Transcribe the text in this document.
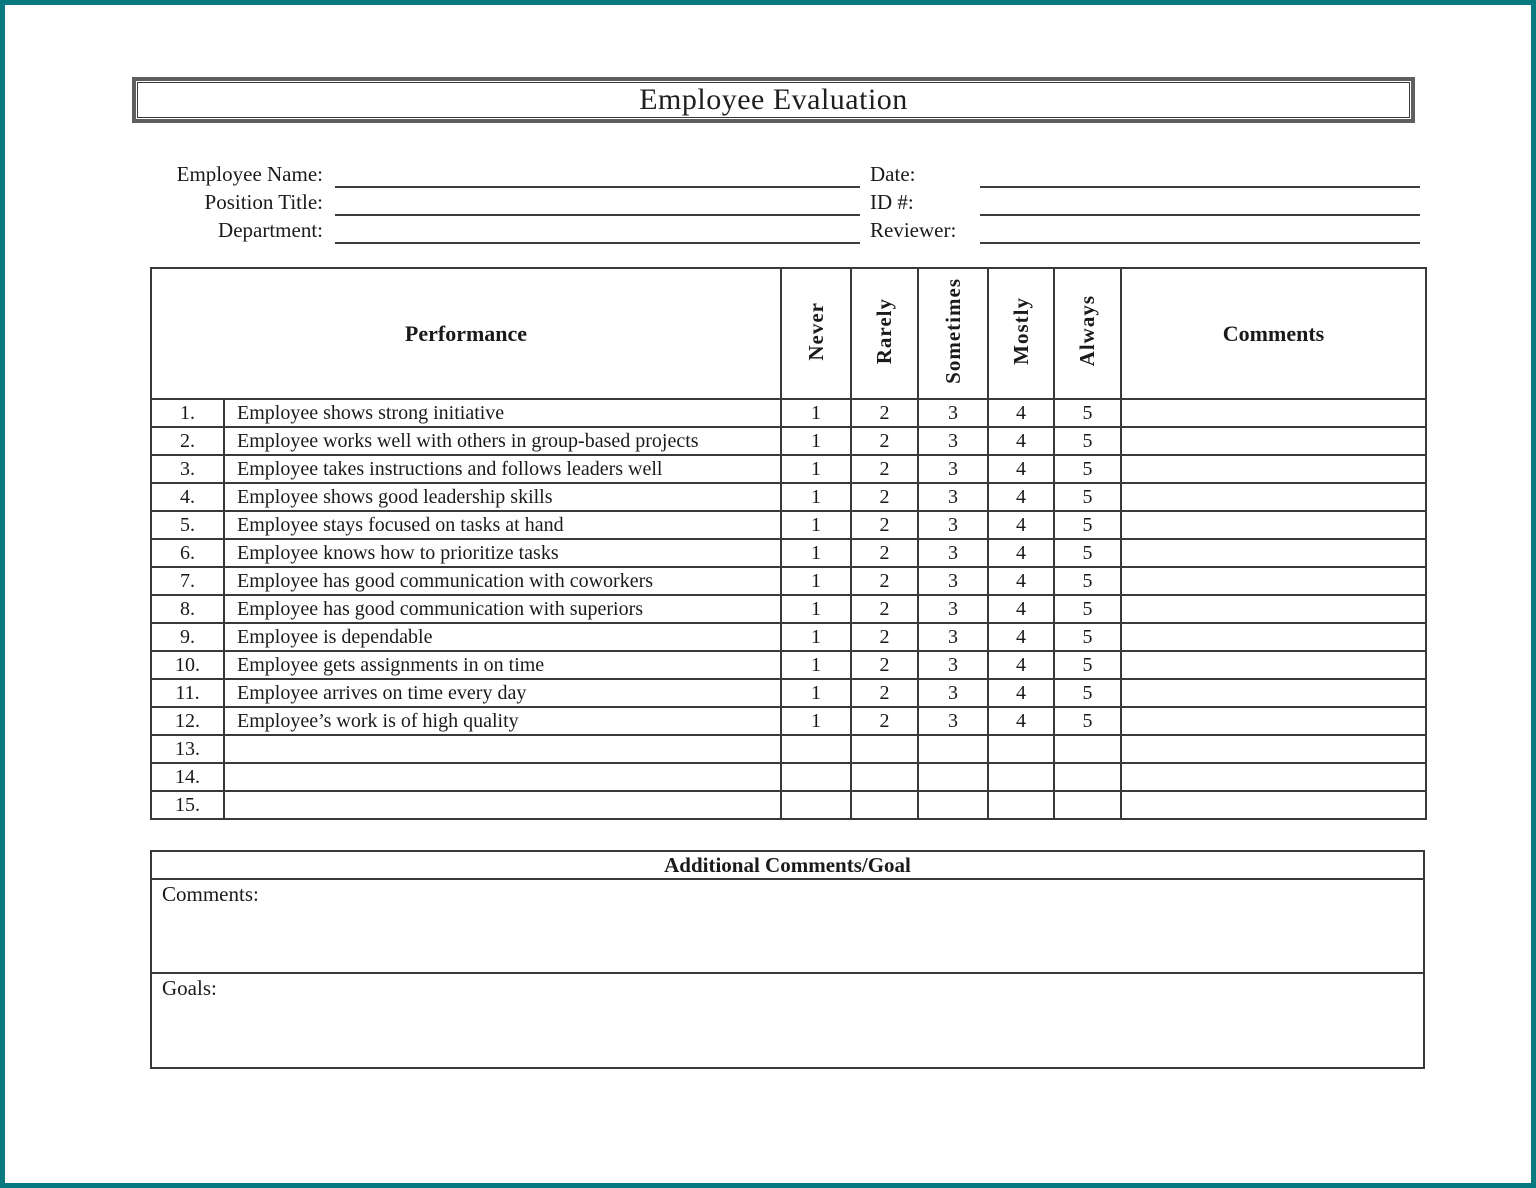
Employee Evaluation
Employee Name:
Position Title:
Department:
Date:
ID #:
Reviewer:
Performance		Never	Rarely	Sometimes	Mostly	Always	Comments

1.	Employee shows strong initiative	1	2	3	4	5	
2.	Employee works well with others in group-based projects	1	2	3	4	5	
3.	Employee takes instructions and follows leaders well	1	2	3	4	5	
4.	Employee shows good leadership skills	1	2	3	4	5	
5.	Employee stays focused on tasks at hand	1	2	3	4	5	
6.	Employee knows how to prioritize tasks	1	2	3	4	5	
7.	Employee has good communication with coworkers	1	2	3	4	5	
8.	Employee has good communication with superiors	1	2	3	4	5	
9.	Employee is dependable	1	2	3	4	5	
10.	Employee gets assignments in on time	1	2	3	4	5	
11.	Employee arrives on time every day	1	2	3	4	5	
12.	Employee’s work is of high quality	1	2	3	4	5	
13.							
14.							
15.							
Additional Comments/Goal
Comments:
Goals:
